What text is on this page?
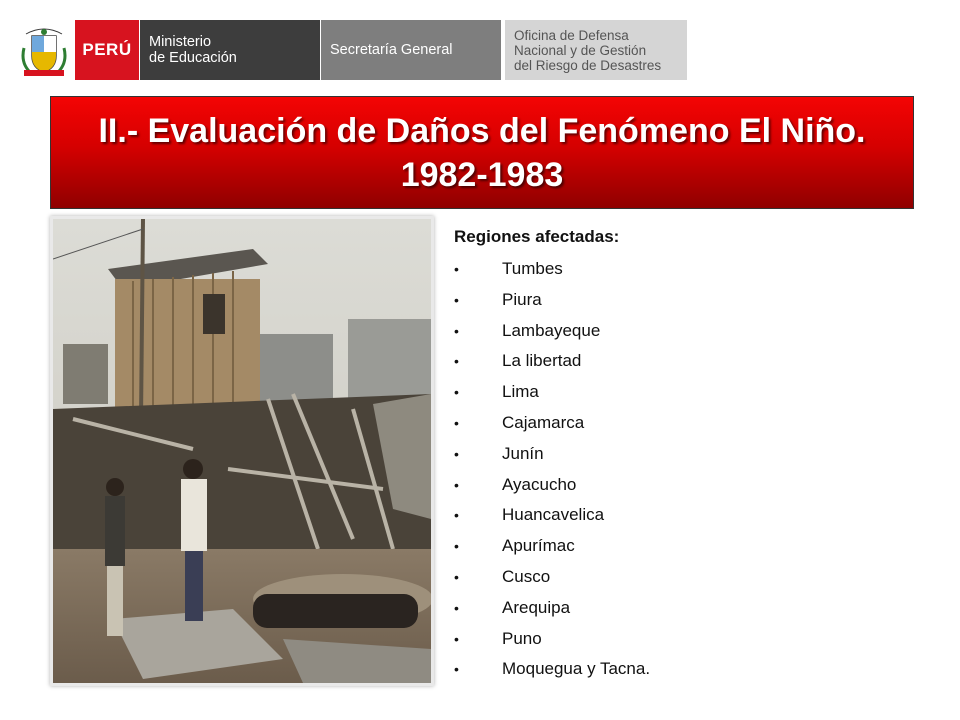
PERÚ Ministerio
de Educación	Secretaría General
Oficina de Defensa
Nacional y de Gestión
del Riesgo de Desastres
II.- Evaluación de Daños del Fenómeno El Niño.
1982-1983

Regiones afectadas:

•	Tumbes
•	Piura
•	Lambayeque
•	La libertad
•	Lima
•	Cajamarca
•	Junín
•	Ayacucho
•	Huancavelica
•	Apurímac
•	Cusco
•	Arequipa
•	Puno
•	Moquegua y Tacna.
